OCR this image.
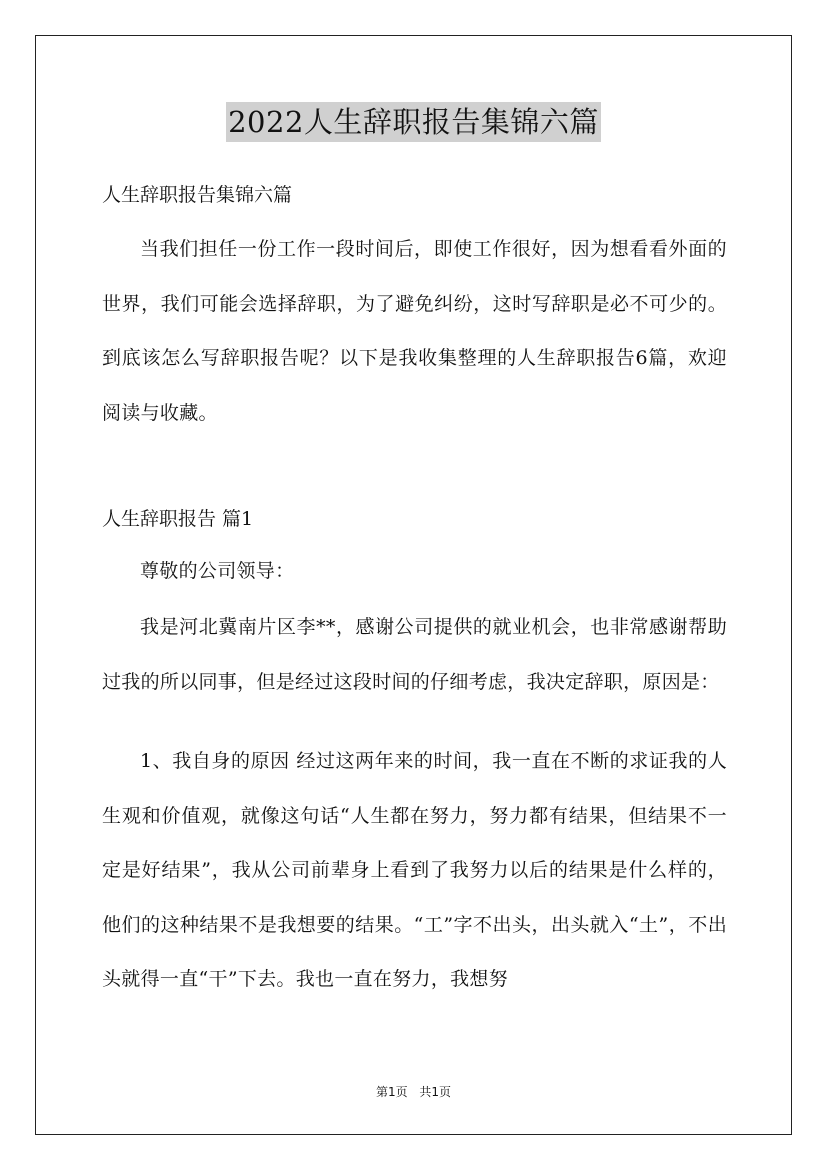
2022人生辞职报告集锦六篇
人生辞职报告集锦六篇

当我们担任一份工作一段时间后，即使工作很好，因为想看看外面的世界，我们可能会选择辞职，为了避免纠纷，这时写辞职是必不可少的。到底该怎么写辞职报告呢？以下是我收集整理的人生辞职报告6篇，欢迎阅读与收藏。

人生辞职报告 篇1

尊敬的公司领导：

我是河北冀南片区李**，感谢公司提供的就业机会，也非常感谢帮助过我的所以同事，但是经过这段时间的仔细考虑，我决定辞职，原因是：

1、我自身的原因 经过这两年来的时间，我一直在不断的求证我的人生观和价值观，就像这句话“人生都在努力，努力都有结果，但结果不一定是好结果”，我从公司前辈身上看到了我努力以后的结果是什么样的，他们的这种结果不是我想要的结果。“工”字不出头，出头就入“土”，不出头就得一直“干”下去。我也一直在努力，我想努

第1页 共1页
